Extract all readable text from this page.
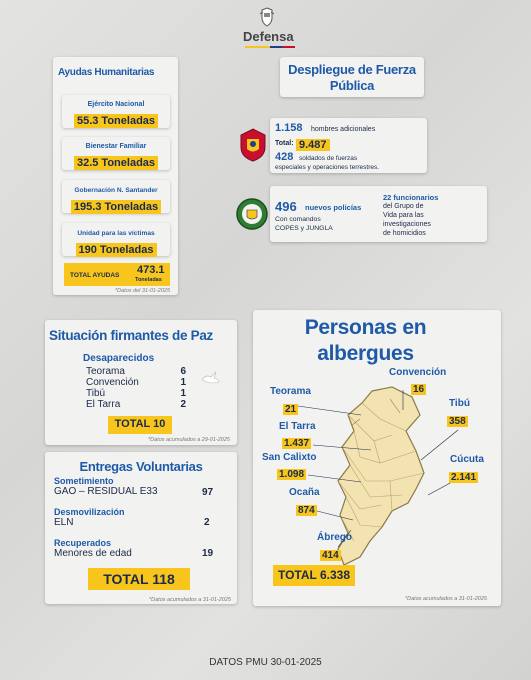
Defensa
Ayudas Humanitarias
Ejército Nacional
55.3 Toneladas
Bienestar Familiar
32.5 Toneladas
Gobernación N. Santander
195.3 Toneladas
Unidad para las víctimas
190 Toneladas
TOTAL AYUDAS 473.1
Toneladas
*Datos del 31-01-2025
Despliegue de Fuerza
Pública
1.158 hombres adicionales
Total: 9.487
428 soldados de fuerzas
especiales y operaciones terrestres.
496 nuevos policías
Con comandos
COPES y JUNGLA
22 funcionarios
del Grupo de
Vida para las
investigaciones
de homicidios
Situación firmantes de Paz
Desaparecidos
Teorama	6
Convención	1
Tibú	1
El Tarra	2
TOTAL 10
*Datos acumulados a 29-01-2025
Entregas Voluntarias
Sometimiento
GAO – RESIDUAL E33	97
Desmovilización
ELN	2
Recuperados
Menores de edad	19
TOTAL 118
*Datos acumulados a 31-01-2025
Personas en
albergues
Teorama
21
Convención
16
Tibú
358
El Tarra
1.437
San Calixto
1.098
Cúcuta
2.141
Ocaña
874
Ábrego
414
TOTAL 6.338
*Datos acumulados a 31-01-2025
DATOS PMU 30-01-2025
